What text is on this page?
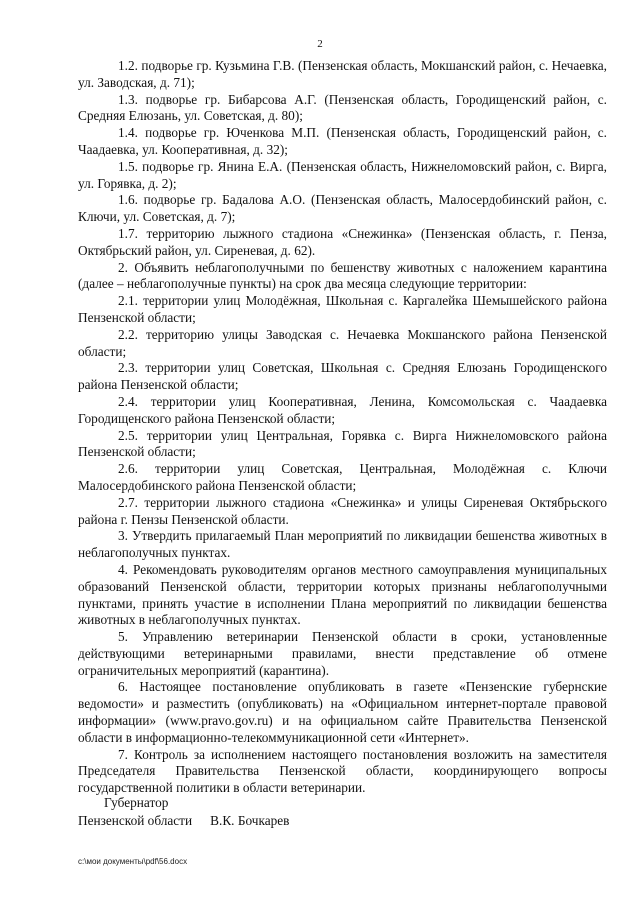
2

1.2. подворье гр. Кузьмина Г.В. (Пензенская область, Мокшанский район, с. Нечаевка, ул. Заводская, д. 71);

1.3. подворье гр. Бибарсова А.Г. (Пензенская область, Городищенский район, с. Средняя Елюзань, ул. Советская, д. 80);

1.4. подворье гр. Юченкова М.П. (Пензенская область, Городищенский район, с. Чаадаевка, ул. Кооперативная, д. 32);

1.5. подворье гр. Янина Е.А. (Пензенская область, Нижнеломовский район, с. Вирга, ул. Горявка, д. 2);

1.6. подворье гр. Бадалова А.О. (Пензенская область, Малосердобинский район, с. Ключи, ул. Советская, д. 7);

1.7. территорию лыжного стадиона «Снежинка» (Пензенская область, г. Пенза, Октябрьский район, ул. Сиреневая, д. 62).

2. Объявить неблагополучными по бешенству животных с наложением карантина (далее – неблагополучные пункты) на срок два месяца следующие территории:

2.1. территории улиц Молодёжная, Школьная с. Каргалейка Шемышейского района Пензенской области;

2.2. территорию улицы Заводская с. Нечаевка Мокшанского района Пензенской области;

2.3. территории улиц Советская, Школьная с. Средняя Елюзань Городищенского района Пензенской области;

2.4. территории улиц Кооперативная, Ленина, Комсомольская с. Чаадаевка Городищенского района Пензенской области;

2.5. территории улиц Центральная, Горявка с. Вирга Нижнеломовского района Пензенской области;

2.6. территории улиц Советская, Центральная, Молодёжная с. Ключи Малосердобинского района Пензенской области;

2.7. территории лыжного стадиона «Снежинка» и улицы Сиреневая Октябрьского района г. Пензы Пензенской области.

3. Утвердить прилагаемый План мероприятий по ликвидации бешенства животных в неблагополучных пунктах.

4. Рекомендовать руководителям органов местного самоуправления муниципальных образований Пензенской области, территории которых признаны неблагополучными пунктами, принять участие в исполнении Плана мероприятий по ликвидации бешенства животных в неблагополучных пунктах.

5. Управлению ветеринарии Пензенской области в сроки, установленные действующими ветеринарными правилами, внести представление об отмене ограничительных мероприятий (карантина).

6. Настоящее постановление опубликовать в газете «Пензенские губернские ведомости» и разместить (опубликовать) на «Официальном интернет-портале правовой информации» (www.pravo.gov.ru) и на официальном сайте Правительства Пензенской области в информационно-телекоммуникационной сети «Интернет».

7. Контроль за исполнением настоящего постановления возложить на заместителя Председателя Правительства Пензенской области, координирующего вопросы государственной политики в области ветеринарии.

Губернатор
Пензенской области В.К. Бочкарев
c:\мои документы\pdf\56.docx
